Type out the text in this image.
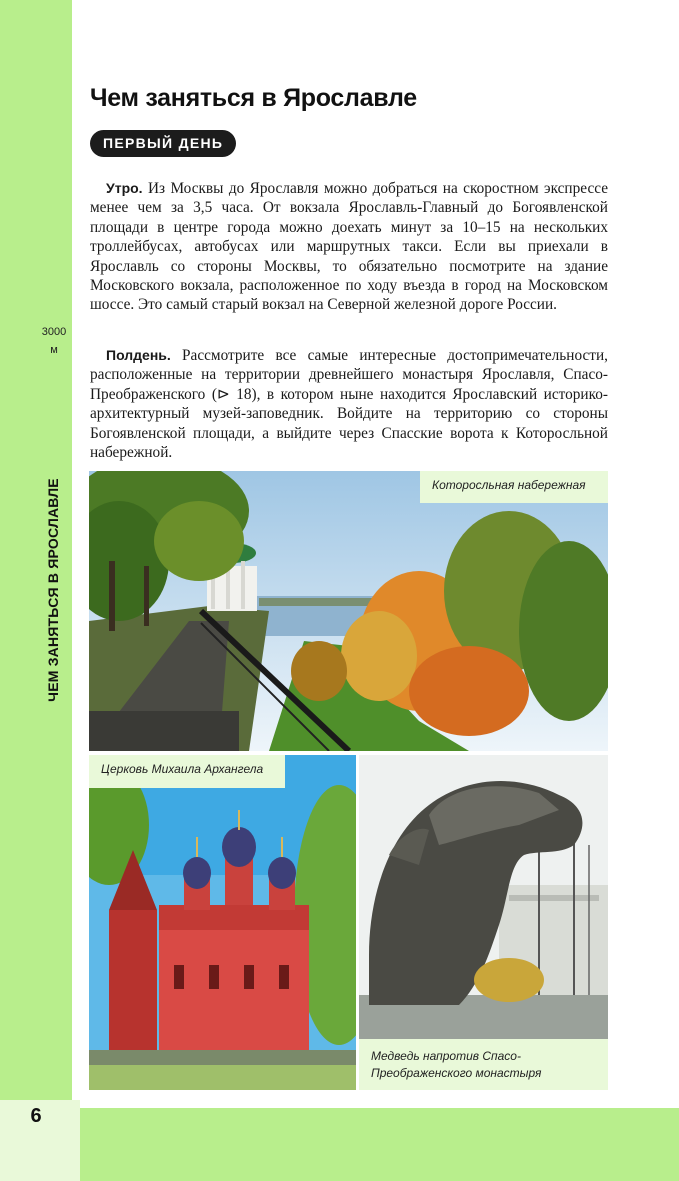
6
3000
м
ЧЕМ ЗАНЯТЬСЯ В ЯРОСЛАВЛЕ
Чем заняться в Ярославле
ПЕРВЫЙ ДЕНЬ

Утро. Из Москвы до Ярославля можно добраться на скоростном экспрессе менее чем за 3,5 часа. От вокзала Ярославль-Главный до Богоявленской площади в центре города можно доехать минут за 10–15 на нескольких троллейбусах, автобусах или маршрутных такси. Если вы приехали в Ярославль со стороны Москвы, то обязательно посмотрите на здание Московского вокзала, расположенное по ходу въезда в город на Московском шоссе. Это самый старый вокзал на Северной железной дороге России.

Полдень. Рассмотрите все самые интересные достопримечательности, расположенные на территории древнейшего монастыря Ярославля, Спасо-Преображенского (⊳ 18), в котором ныне находится Ярославский историко-архитектурный музей-заповедник. Войдите на территорию со стороны Богоявленской площади, а выйдите через Спасские ворота к Которосльной набережной.

Которосльная набережная
Церковь Михаила Архангела
Медведь напротив Спасо-Преображенского монастыря
